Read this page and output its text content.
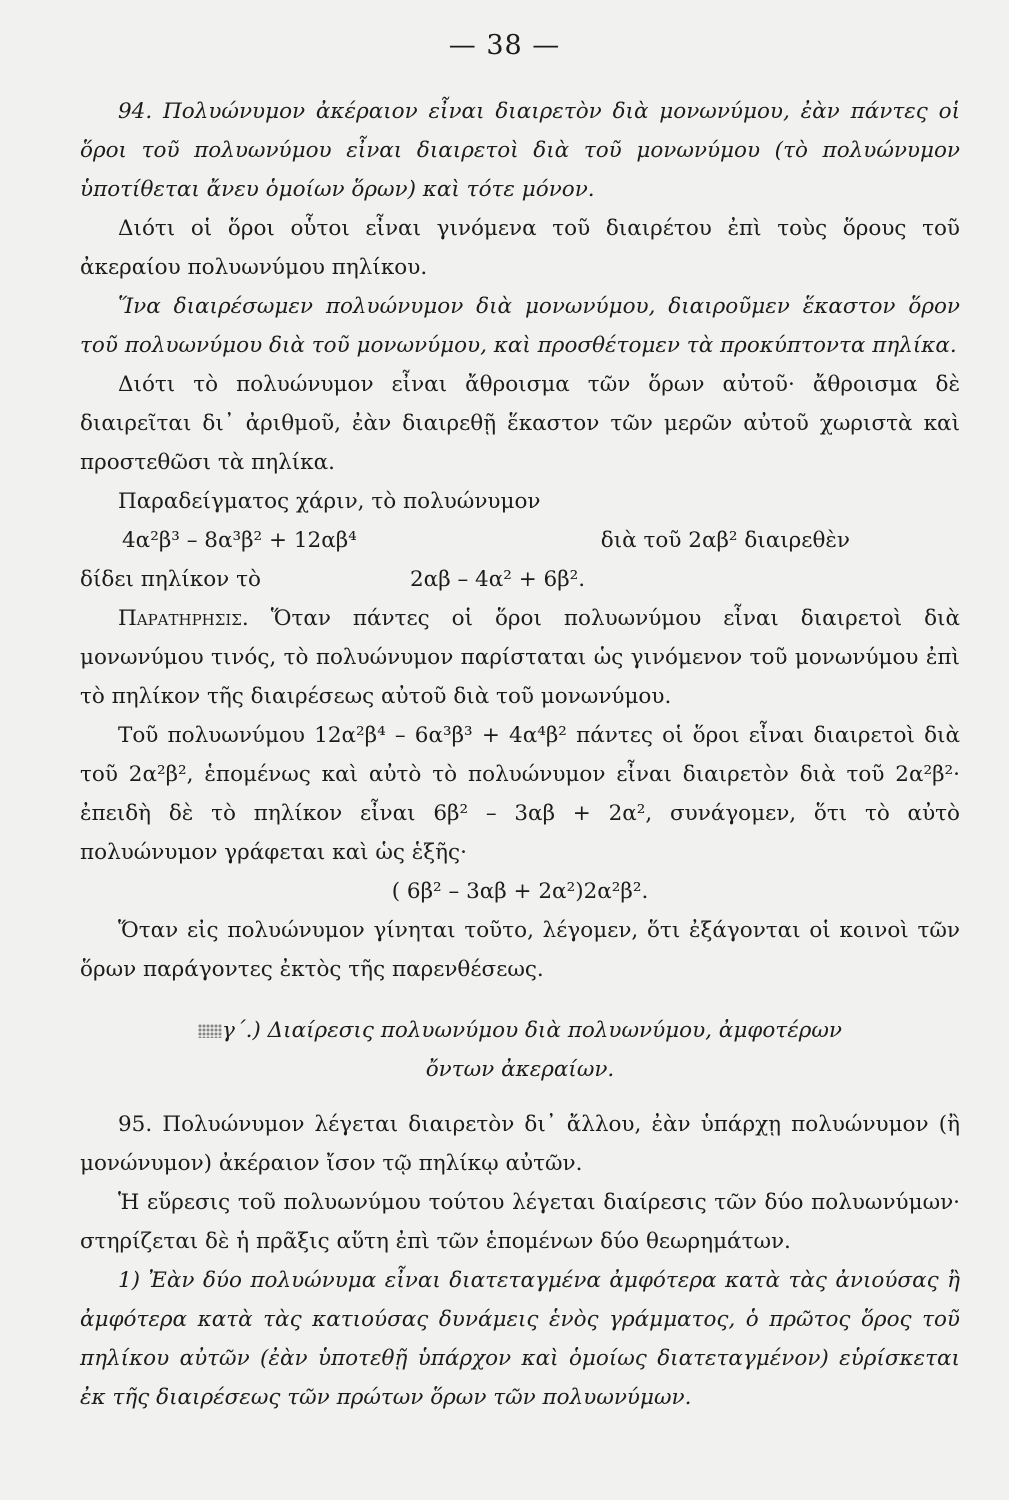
— 38 —

94. Πολυώνυμον ἀκέραιον εἶναι διαιρετὸν διὰ μονωνύμου, ἐὰν πάντες οἱ ὅροι τοῦ πολυωνύμου εἶναι διαιρετοὶ διὰ τοῦ μονωνύμου (τὸ πολυώνυμον ὑποτίθεται ἄνευ ὁμοίων ὅρων) καὶ τότε μόνον.

Διότι οἱ ὅροι οὗτοι εἶναι γινόμενα τοῦ διαιρέτου ἐπὶ τοὺς ὅρους τοῦ ἀκεραίου πολυωνύμου πηλίκου.

Ἵνα διαιρέσωμεν πολυώνυμον διὰ μονωνύμου, διαιροῦμεν ἕκαστον ὅρον τοῦ πολυωνύμου διὰ τοῦ μονωνύμου, καὶ προσθέτομεν τὰ προκύπτοντα πηλίκα.

Διότι τὸ πολυώνυμον εἶναι ἄθροισμα τῶν ὅρων αὐτοῦ· ἄθροισμα δὲ διαιρεῖται δι᾽ ἀριθμοῦ, ἐὰν διαιρεθῇ ἕκαστον τῶν μερῶν αὐτοῦ χωριστὰ καὶ προστεθῶσι τὰ πηλίκα.

Παραδείγματος χάριν, τὸ πολυώνυμον

4α²β³ – 8α³β² + 12αβ⁴	διὰ τοῦ 2αβ² διαιρεθὲν
δίδει πηλίκον τὸ	2αβ – 4α² + 6β².

Παρατηρησις. Ὅταν πάντες οἱ ὅροι πολυωνύμου εἶναι διαιρετοὶ διὰ μονωνύμου τινός, τὸ πολυώνυμον παρίσταται ὡς γινόμενον τοῦ μονωνύμου ἐπὶ τὸ πηλίκον τῆς διαιρέσεως αὐτοῦ διὰ τοῦ μονωνύμου.

Τοῦ πολυωνύμου 12α²β⁴ – 6α³β³ + 4α⁴β² πάντες οἱ ὅροι εἶναι διαιρετοὶ διὰ τοῦ 2α²β², ἑπομένως καὶ αὐτὸ τὸ πολυώνυμον εἶναι διαιρετὸν διὰ τοῦ 2α²β²· ἐπειδὴ δὲ τὸ πηλίκον εἶναι 6β² – 3αβ + 2α², συνάγομεν, ὅτι τὸ αὐτὸ πολυώνυμον γράφεται καὶ ὡς ἑξῆς·

( 6β² – 3αβ + 2α²)2α²β².

Ὅταν εἰς πολυώνυμον γίνηται τοῦτο, λέγομεν, ὅτι ἐξάγονται οἱ κοινοὶ τῶν ὅρων παράγοντες ἐκτὸς τῆς παρενθέσεως.

γ΄.) Διαίρεσις πολυωνύμου διὰ πολυωνύμου, ἀμφοτέρων

ὄντων ἀκεραίων.

95. Πολυώνυμον λέγεται διαιρετὸν δι᾽ ἄλλου, ἐὰν ὑπάρχῃ πολυώνυμον (ἢ μονώνυμον) ἀκέραιον ἴσον τῷ πηλίκῳ αὐτῶν.

Ἡ εὕρεσις τοῦ πολυωνύμου τούτου λέγεται διαίρεσις τῶν δύο πολυωνύμων· στηρίζεται δὲ ἡ πρᾶξις αὕτη ἐπὶ τῶν ἑπομένων δύο θεωρημάτων.

1) Ἐὰν δύο πολυώνυμα εἶναι διατεταγμένα ἀμφότερα κατὰ τὰς ἀνιούσας ἢ ἀμφότερα κατὰ τὰς κατιούσας δυνάμεις ἑνὸς γράμματος, ὁ πρῶτος ὅρος τοῦ πηλίκου αὐτῶν (ἐὰν ὑποτεθῇ ὑπάρχον καὶ ὁμοίως διατεταγμένον) εὑρίσκεται ἐκ τῆς διαιρέσεως τῶν πρώτων ὅρων τῶν πολυωνύμων.
